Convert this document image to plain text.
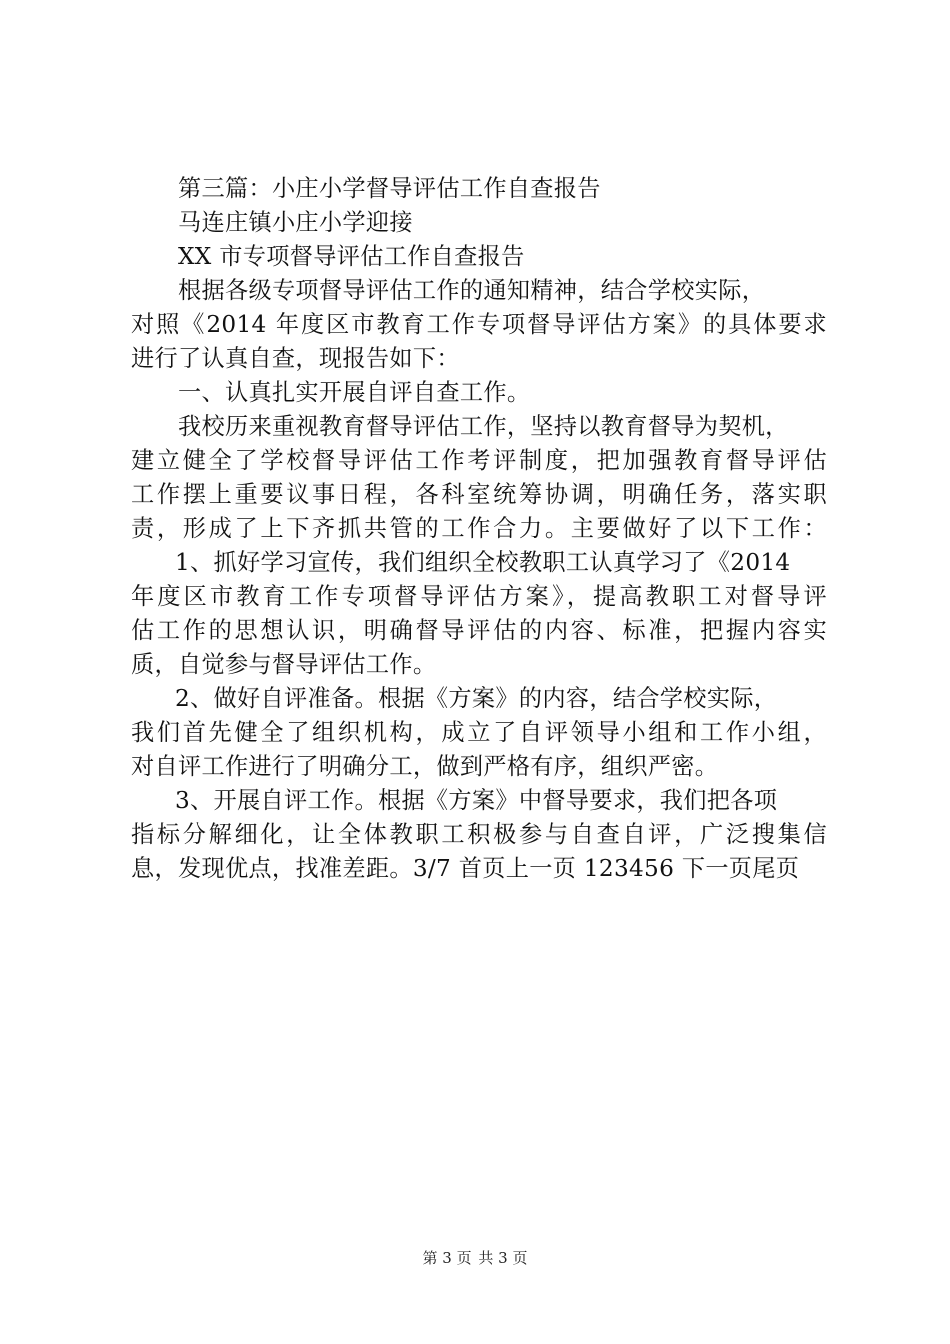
第三篇：小庄小学督导评估工作自查报告
马连庄镇小庄小学迎接
XX 市专项督导评估工作自查报告
根据各级专项督导评估工作的通知精神，结合学校实际，
对照《2014 年度区市教育工作专项督导评估方案》的具体要求
进行了认真自查，现报告如下：
一、认真扎实开展自评自查工作。
我校历来重视教育督导评估工作，坚持以教育督导为契机，
建立健全了学校督导评估工作考评制度，把加强教育督导评估
工作摆上重要议事日程，各科室统筹协调，明确任务，落实职
责，形成了上下齐抓共管的工作合力。主要做好了以下工作：
1、抓好学习宣传，我们组织全校教职工认真学习了《2014
年度区市教育工作专项督导评估方案》，提高教职工对督导评
估工作的思想认识，明确督导评估的内容、标准，把握内容实
质，自觉参与督导评估工作。
2、做好自评准备。根据《方案》的内容，结合学校实际，
我们首先健全了组织机构，成立了自评领导小组和工作小组，
对自评工作进行了明确分工，做到严格有序，组织严密。
3、开展自评工作。根据《方案》中督导要求，我们把各项
指标分解细化，让全体教职工积极参与自查自评，广泛搜集信
息，发现优点，找准差距。3/7 首页上一页 123456 下一页尾页
第 3 页 共 3 页
